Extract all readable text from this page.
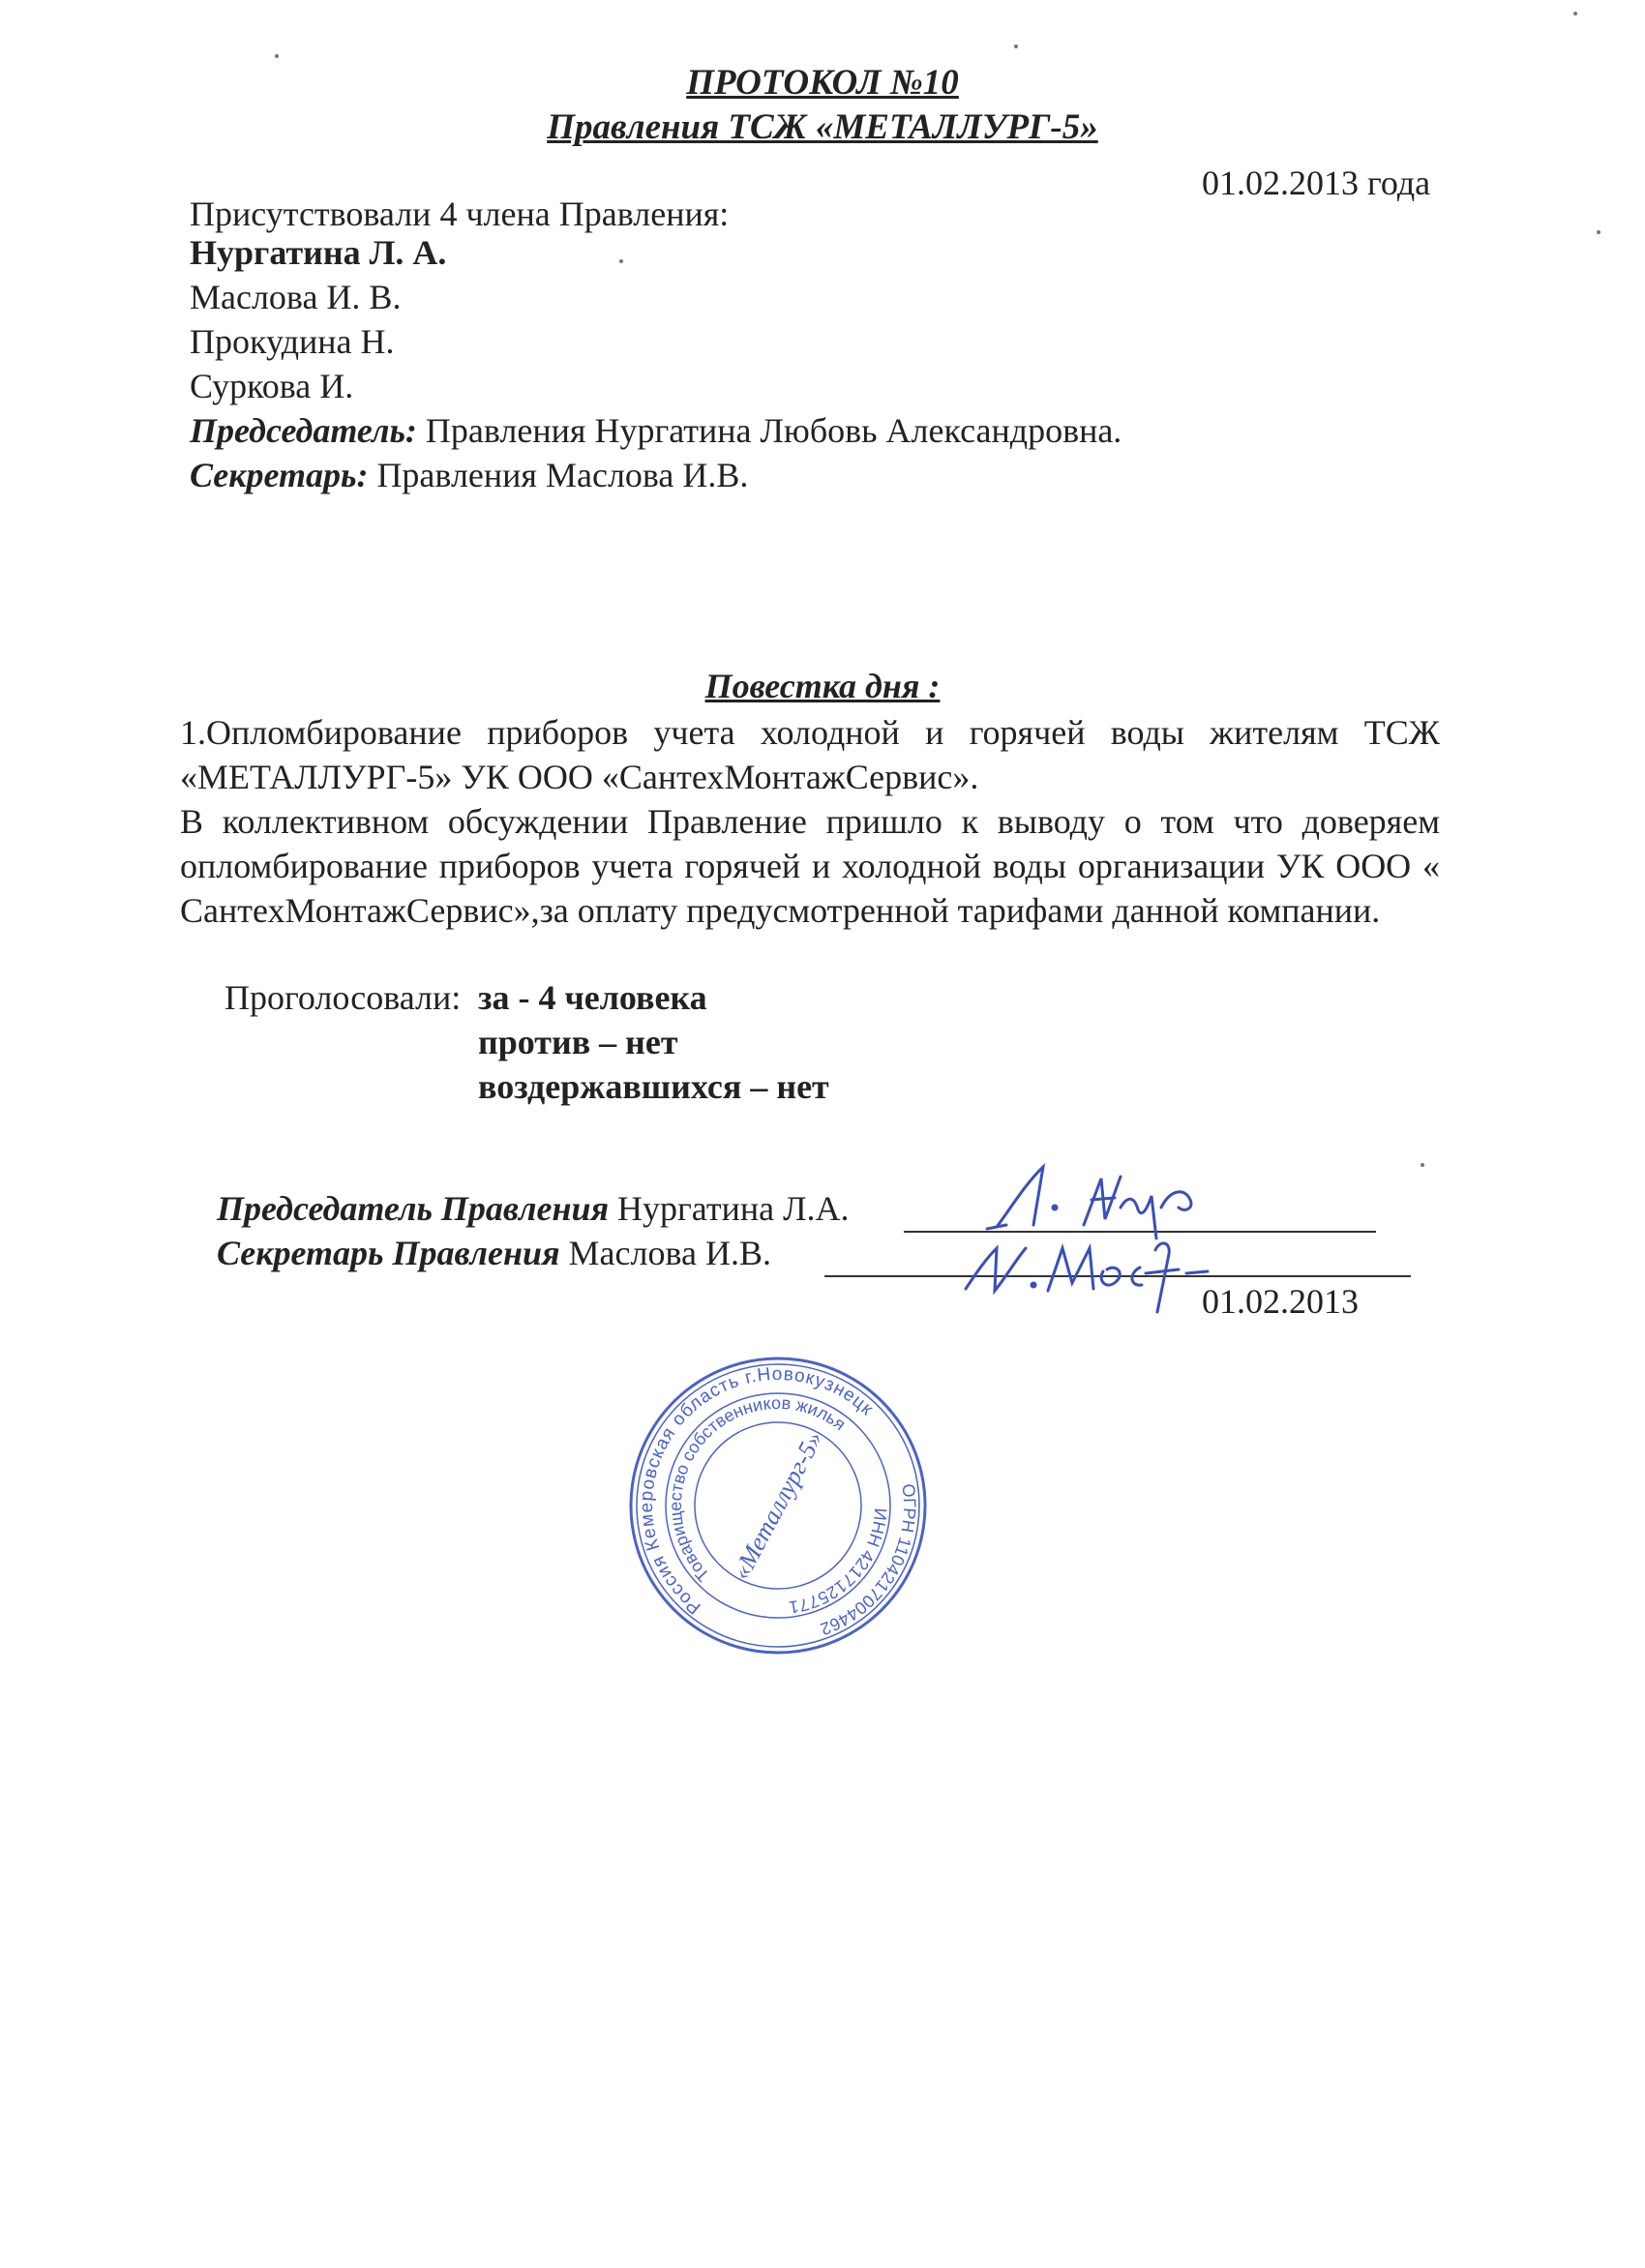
ПРОТОКОЛ №10
Правления ТСЖ «МЕТАЛЛУРГ-5»
01.02.2013 года
Присутствовали 4 члена Правления:
Нургатина Л. А.
Маслова И. В.
Прокудина Н.
Суркова И.
Председатель: Правления Нургатина Любовь Александровна.
Секретарь: Правления Маслова И.В.
Повестка дня :
1.Опломбирование приборов учета холодной и горячей воды жителям ТСЖ «МЕТАЛЛУРГ-5» УК ООО «СантехМонтажСервис».
В коллективном обсуждении Правление пришло к выводу о том что доверяем опломбирование приборов учета горячей и холодной воды организации УК ООО « СантехМонтажСервис»,за оплату предусмотренной тарифами данной компании.
Проголосовали: за - 4 человека
против – нет
воздержавшихся – нет
Председатель Правления Нургатина Л.А.
Секретарь Правления Маслова И.В.
01.02.2013
Россия Кемеровская область г.Новокузнецк
Товарищество собственников жилья
ИНН 4217125771
ОГРН 1104217004462
«Металлург-5»
